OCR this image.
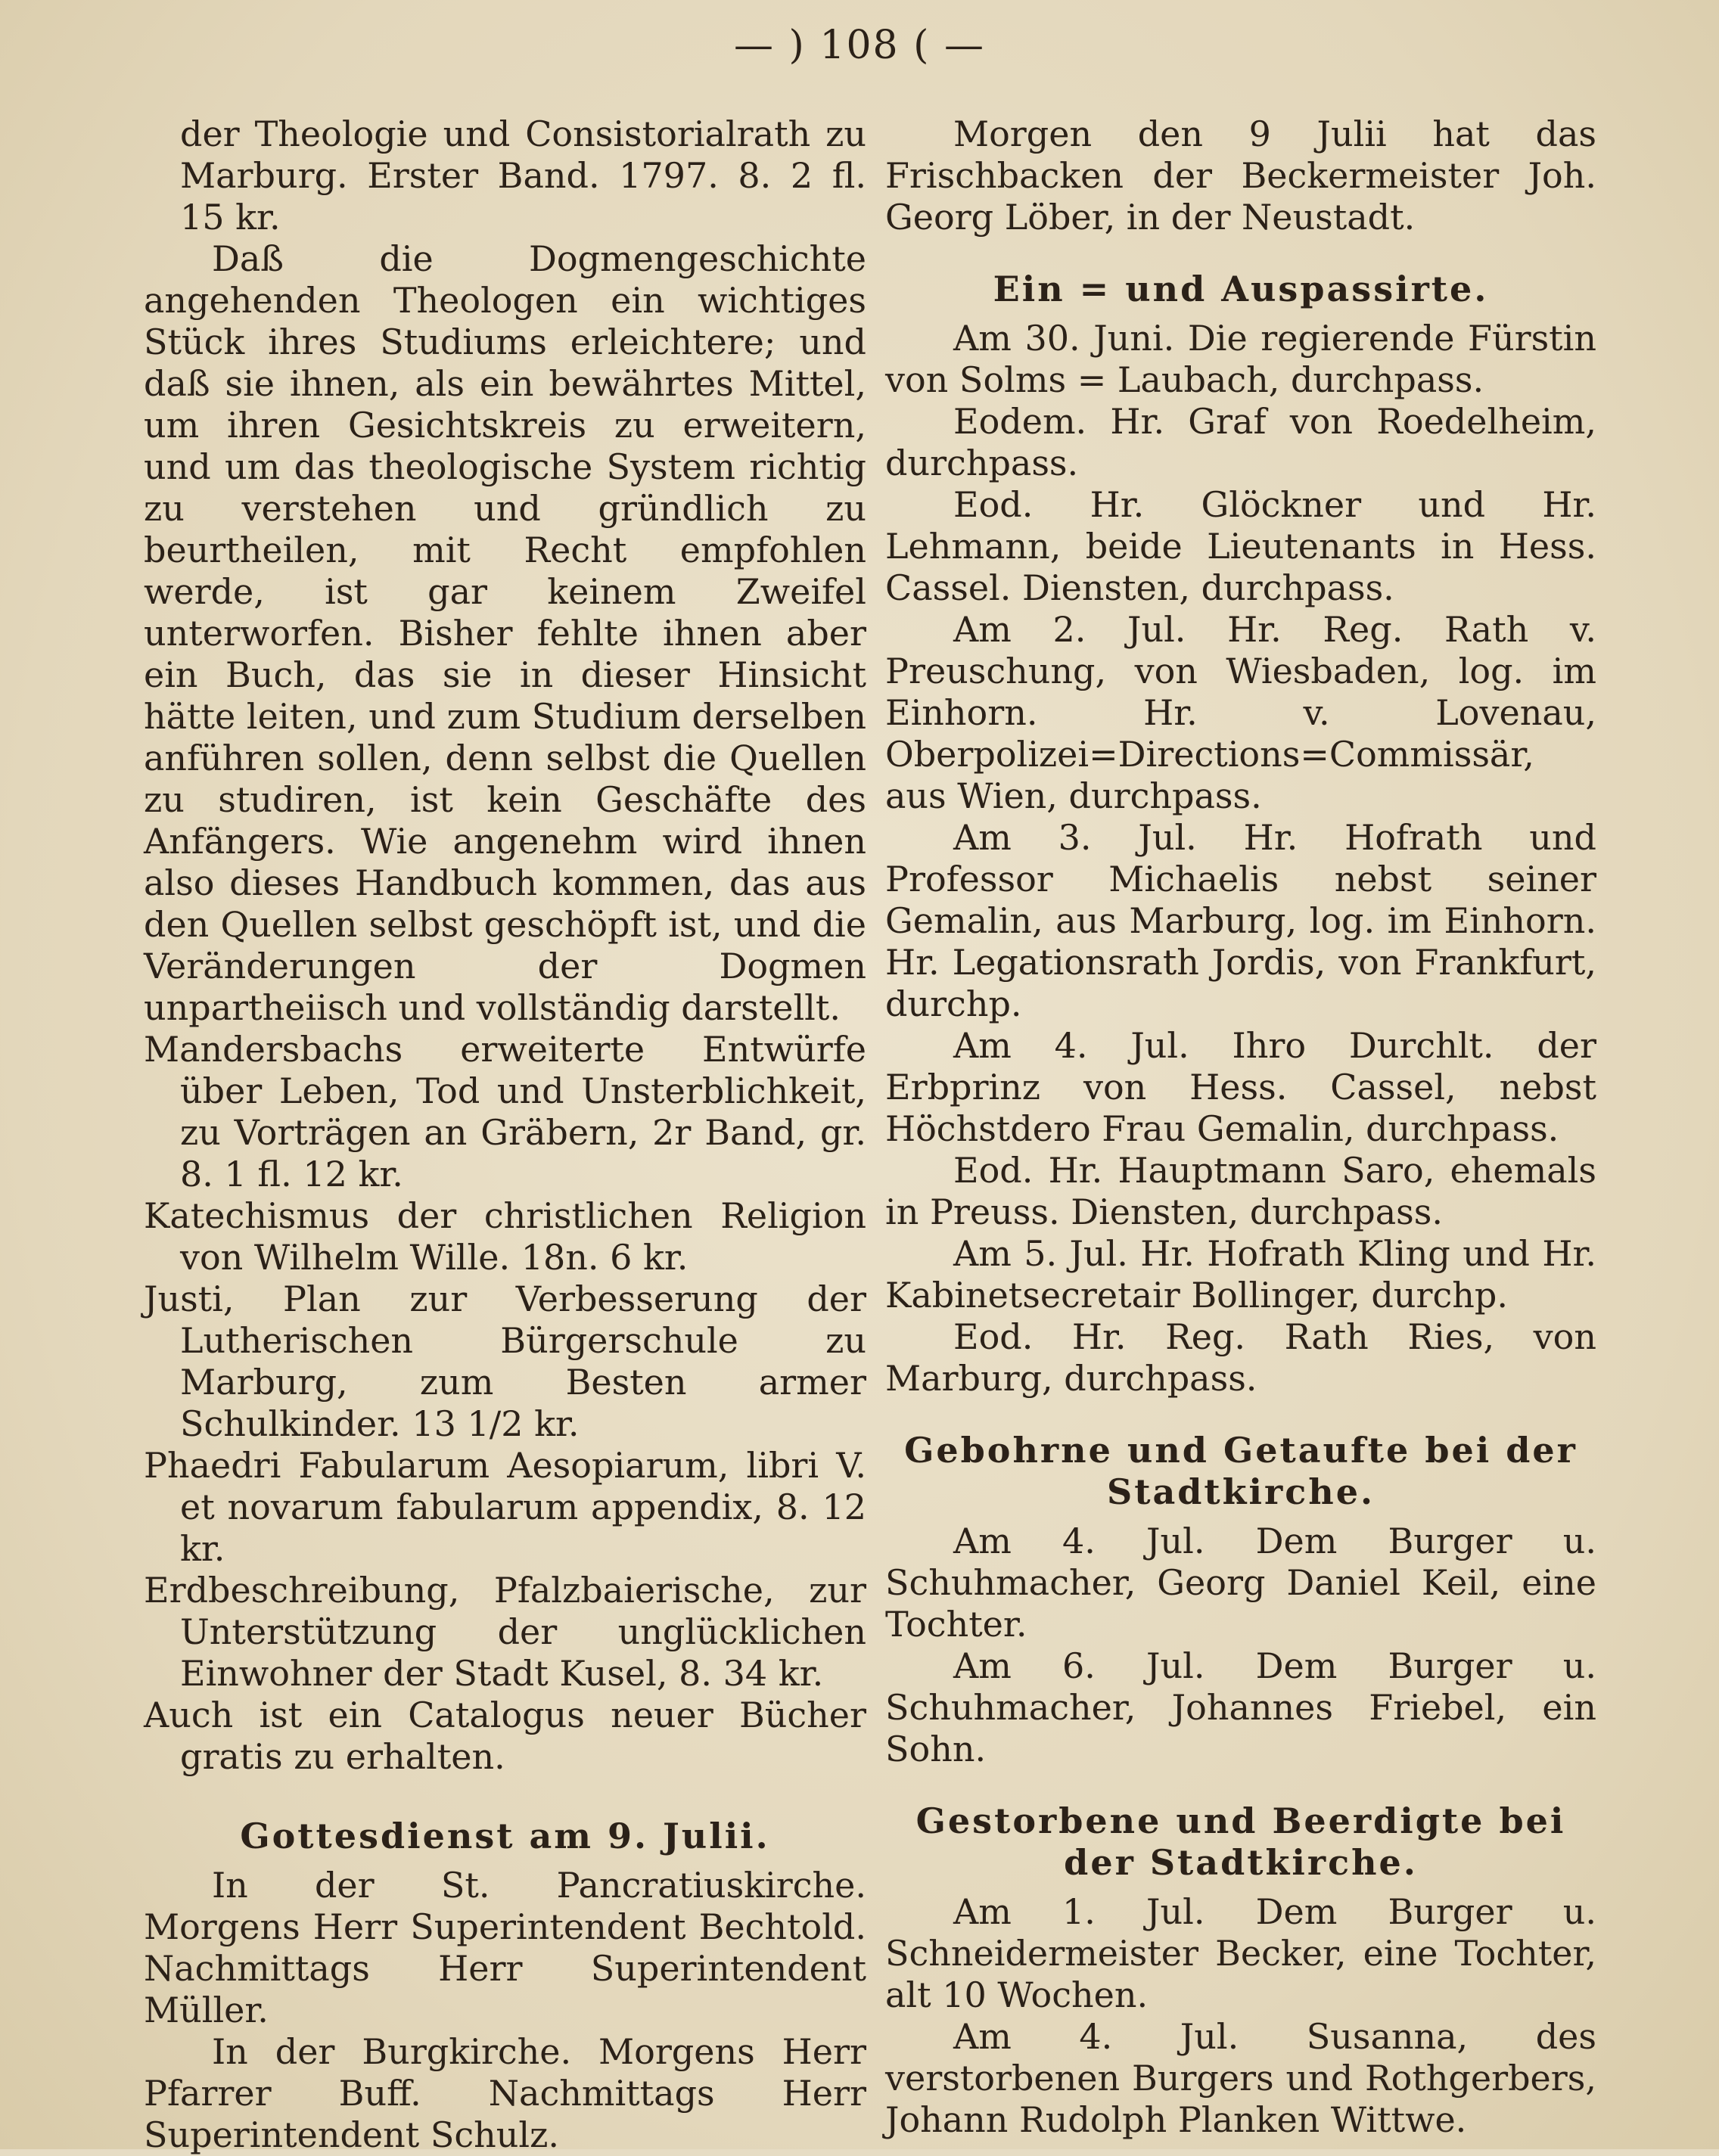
— ) 108 ( —

der Theologie und Consistorialrath zu Marburg. Erster Band. 1797. 8. 2 fl. 15 kr.

Daß die Dogmengeschichte angehenden Theologen ein wichtiges Stück ihres Studiums erleichtere; und daß sie ihnen, als ein bewährtes Mittel, um ihren Gesichtskreis zu erweitern, und um das theologische System richtig zu verstehen und gründlich zu beurtheilen, mit Recht empfohlen werde, ist gar keinem Zweifel unterworfen. Bisher fehlte ihnen aber ein Buch, das sie in dieser Hinsicht hätte leiten, und zum Studium derselben anführen sollen, denn selbst die Quellen zu studiren, ist kein Geschäfte des Anfängers. Wie angenehm wird ihnen also dieses Handbuch kommen, das aus den Quellen selbst geschöpft ist, und die Veränderungen der Dogmen unpartheiisch und vollständig darstellt.

Mandersbachs erweiterte Entwürfe über Leben, Tod und Unsterblichkeit, zu Vorträgen an Gräbern, 2r Band, gr. 8. 1 fl. 12 kr.

Katechismus der christlichen Religion von Wilhelm Wille. 18n. 6 kr.

Justi, Plan zur Verbesserung der Lutherischen Bürgerschule zu Marburg, zum Besten armer Schulkinder. 13 1/2 kr.

Phaedri Fabularum Aesopiarum, libri V. et novarum fabularum appendix, 8. 12 kr.

Erdbeschreibung, Pfalzbaierische, zur Unterstützung der unglücklichen Einwohner der Stadt Kusel, 8. 34 kr.

Auch ist ein Catalogus neuer Bücher gratis zu erhalten.

Gottesdienst am 9. Julii.

In der St. Pancratiuskirche. Morgens Herr Superintendent Bechtold. Nachmittags Herr Superintendent Müller.

In der Burgkirche. Morgens Herr Pfarrer Buff. Nachmittags Herr Superintendent Schulz.

Morgen den 9 Julii hat das Frischbacken der Beckermeister Joh. Georg Löber, in der Neustadt.

Ein = und Auspassirte.

Am 30. Juni. Die regierende Fürstin von Solms = Laubach, durchpass.

Eodem. Hr. Graf von Roedelheim, durchpass.

Eod. Hr. Glöckner und Hr. Lehmann, beide Lieutenants in Hess. Cassel. Diensten, durchpass.

Am 2. Jul. Hr. Reg. Rath v. Preuschung, von Wiesbaden, log. im Einhorn. Hr. v. Lovenau, Oberpolizei=Directions=Commissär, aus Wien, durchpass.

Am 3. Jul. Hr. Hofrath und Professor Michaelis nebst seiner Gemalin, aus Marburg, log. im Einhorn. Hr. Legationsrath Jordis, von Frankfurt, durchp.

Am 4. Jul. Ihro Durchlt. der Erbprinz von Hess. Cassel, nebst Höchstdero Frau Gemalin, durchpass.

Eod. Hr. Hauptmann Saro, ehemals in Preuss. Diensten, durchpass.

Am 5. Jul. Hr. Hofrath Kling und Hr. Kabinetsecretair Bollinger, durchp.

Eod. Hr. Reg. Rath Ries, von Marburg, durchpass.

Gebohrne und Getaufte bei der Stadtkirche.

Am 4. Jul. Dem Burger u. Schuhmacher, Georg Daniel Keil, eine Tochter.

Am 6. Jul. Dem Burger u. Schuhmacher, Johannes Friebel, ein Sohn.

Gestorbene und Beerdigte bei der Stadtkirche.

Am 1. Jul. Dem Burger u. Schneidermeister Becker, eine Tochter, alt 10 Wochen.

Am 4. Jul. Susanna, des verstorbenen Burgers und Rothgerbers, Johann Rudolph Planken Wittwe.
